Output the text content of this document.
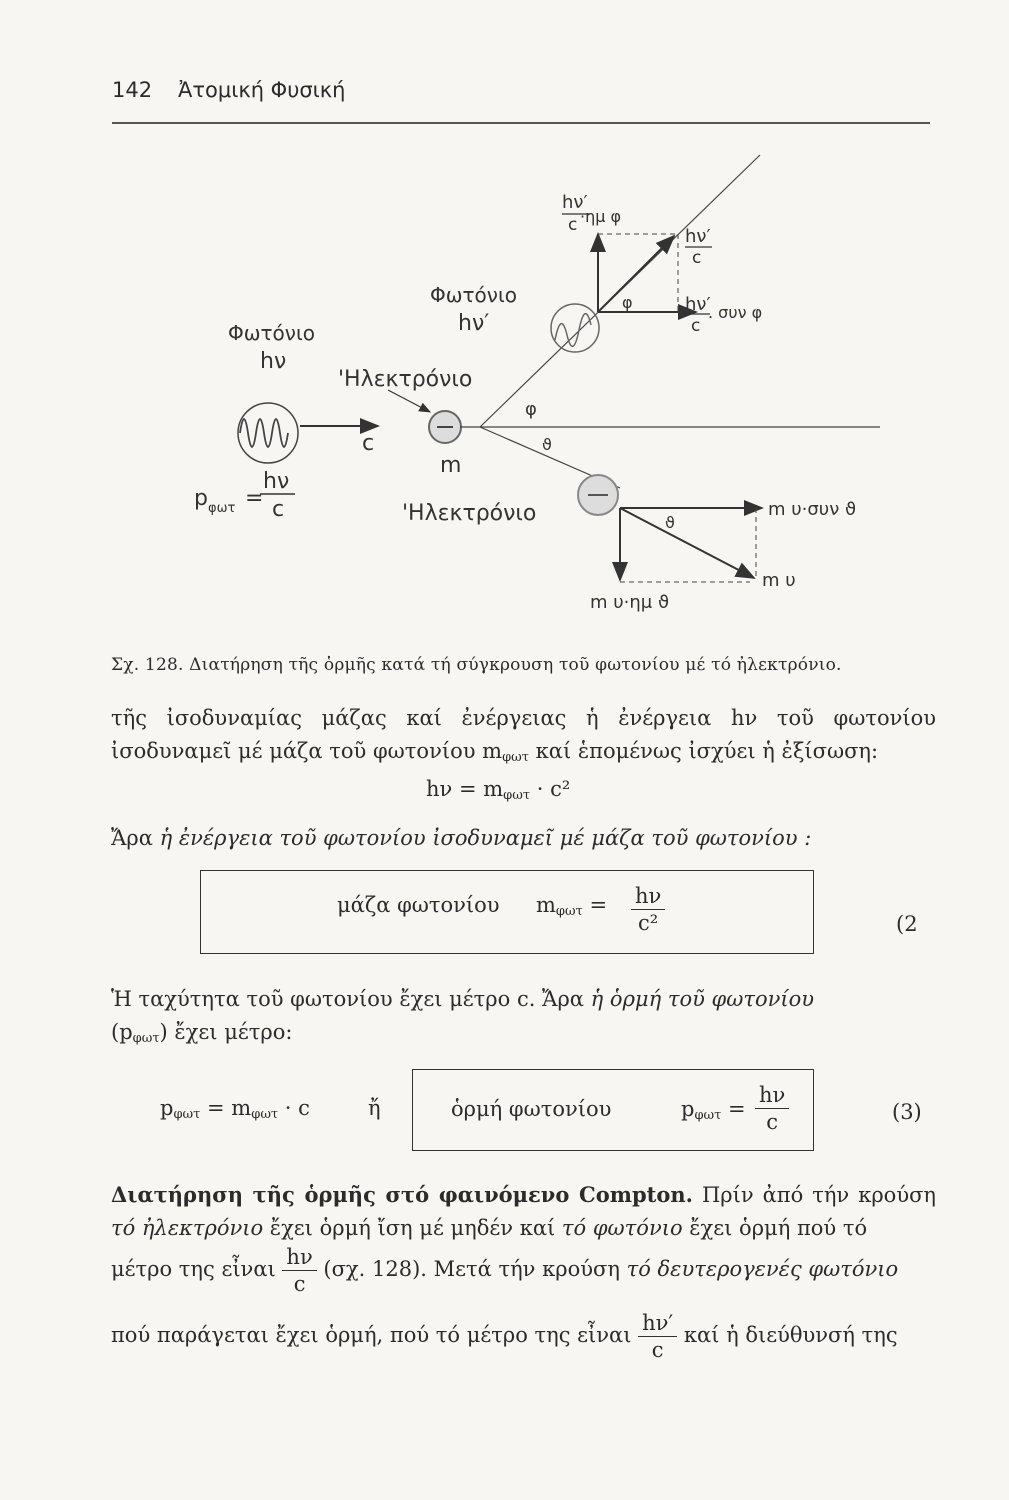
142 Ἀτομική Φυσική
Φωτόνιο
hν
c
'Ηλεκτρόνιο
m
p φωτ =
hν
c
Φωτόνιο
hν′
φ
ϑ
'Ηλεκτρόνιο
φ
hν′
c ·ημ φ
hν′
c
hν′
c
. συν φ
ϑ
m υ·συν ϑ
m υ
m υ·ημ ϑ
Σχ. 128. Διατήρηση τῆς ὁρμῆς κατά τή σύγκρουση τοῦ φωτονίου μέ τό ἠλεκτρόνιο.

τῆς ἰσοδυναμίας μάζας καί ἐνέργειας ἡ ἐνέργεια hν τοῦ φωτονίου ἰσοδυναμεῖ μέ μάζα τοῦ φωτονίου $m_{\varphi\omega\tau}$ καί ἑπομένως ἰσχύει ἡ ἐξίσωση:

$h\nu = m_{\varphi\omega\tau} \cdot c^2$

Ἄρα ἡ ἐνέργεια τοῦ φωτονίου ἰσοδυναμεῖ μέ μάζα τοῦ φωτονίου :

μάζα φωτονίου $m_{\varphi\omega\tau} = \frac{h\nu}{\text{c²}}$	(2

Ἡ ταχύτητα τοῦ φωτονίου ἔχει μέτρο c. Ἄρα ἡ ὁρμή τοῦ φωτονίου
$(p_{\varphi\omega\tau})$ ἔχει μέτρο:

$p_{\varphi\omega\tau} = m_{\varphi\omega\tau} \cdot c$	ἤ	ὁρμή φωτονίου	$p_{\varphi\omega\tau} = \frac{h\nu}{c}$	(3)

Διατήρηση τῆς ὁρμῆς στό φαινόμενο Compton. Πρίν ἀπό τήν κρούση τό ἠλεκτρόνιο ἔχει ὁρμή ἴση μέ μηδέν καί τό φωτόνιο ἔχει ὁρμή πού τό

μέτρο της εἶναι $\frac{h\nu}{c} (\sigma\chi$. 128). Μετά τήν κρούση τό δευτερογενές φωτόνιο

πού παράγεται ἔχει ὁρμή, πού τό μέτρο της εἶναι $\frac{h\nu'}{c}$ καί ἡ διεύθυνσή της
